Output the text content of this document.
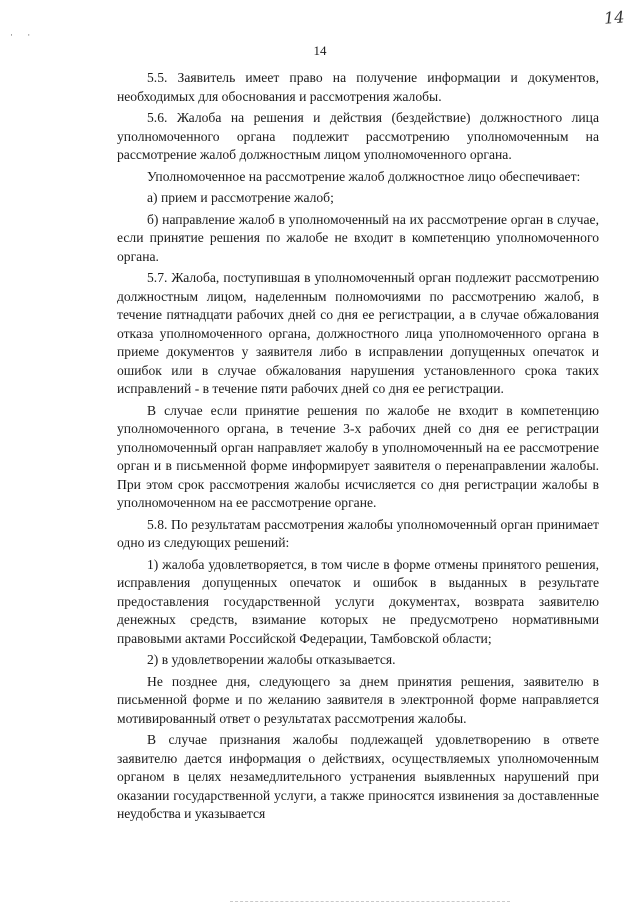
· ·
14
14

5.5. Заявитель имеет право на получение информации и документов, необходимых для обоснования и рассмотрения жалобы.

5.6. Жалоба на решения и действия (бездействие) должностного лица уполномоченного органа подлежит рассмотрению уполномоченным на рассмотрение жалоб должностным лицом уполномоченного органа.

Уполномоченное на рассмотрение жалоб должностное лицо обеспечивает:

а) прием и рассмотрение жалоб;

б) направление жалоб в уполномоченный на их рассмотрение орган в случае, если принятие решения по жалобе не входит в компетенцию уполномоченного органа.

5.7. Жалоба, поступившая в уполномоченный орган подлежит рассмотрению должностным лицом, наделенным полномочиями по рассмотрению жалоб, в течение пятнадцати рабочих дней со дня ее регистрации, а в случае обжалования отказа уполномоченного органа, должностного лица уполномоченного органа в приеме документов у заявителя либо в исправлении допущенных опечаток и ошибок или в случае обжалования нарушения установленного срока таких исправлений - в течение пяти рабочих дней со дня ее регистрации.

В случае если принятие решения по жалобе не входит в компетенцию уполномоченного органа, в течение 3-х рабочих дней со дня ее регистрации уполномоченный орган направляет жалобу в уполномоченный на ее рассмотрение орган и в письменной форме информирует заявителя о перенаправлении жалобы. При этом срок рассмотрения жалобы исчисляется со дня регистрации жалобы в уполномоченном на ее рассмотрение органе.

5.8. По результатам рассмотрения жалобы уполномоченный орган принимает одно из следующих решений:

1) жалоба удовлетворяется, в том числе в форме отмены принятого решения, исправления допущенных опечаток и ошибок в выданных в результате предоставления государственной услуги документах, возврата заявителю денежных средств, взимание которых не предусмотрено нормативными правовыми актами Российской Федерации, Тамбовской области;

2) в удовлетворении жалобы отказывается.

Не позднее дня, следующего за днем принятия решения, заявителю в письменной форме и по желанию заявителя в электронной форме направляется мотивированный ответ о результатах рассмотрения жалобы.

В случае признания жалобы подлежащей удовлетворению в ответе заявителю дается информация о действиях, осуществляемых уполномоченным органом в целях незамедлительного устранения выявленных нарушений при оказании государственной услуги, а также приносятся извинения за доставленные неудобства и указывается
